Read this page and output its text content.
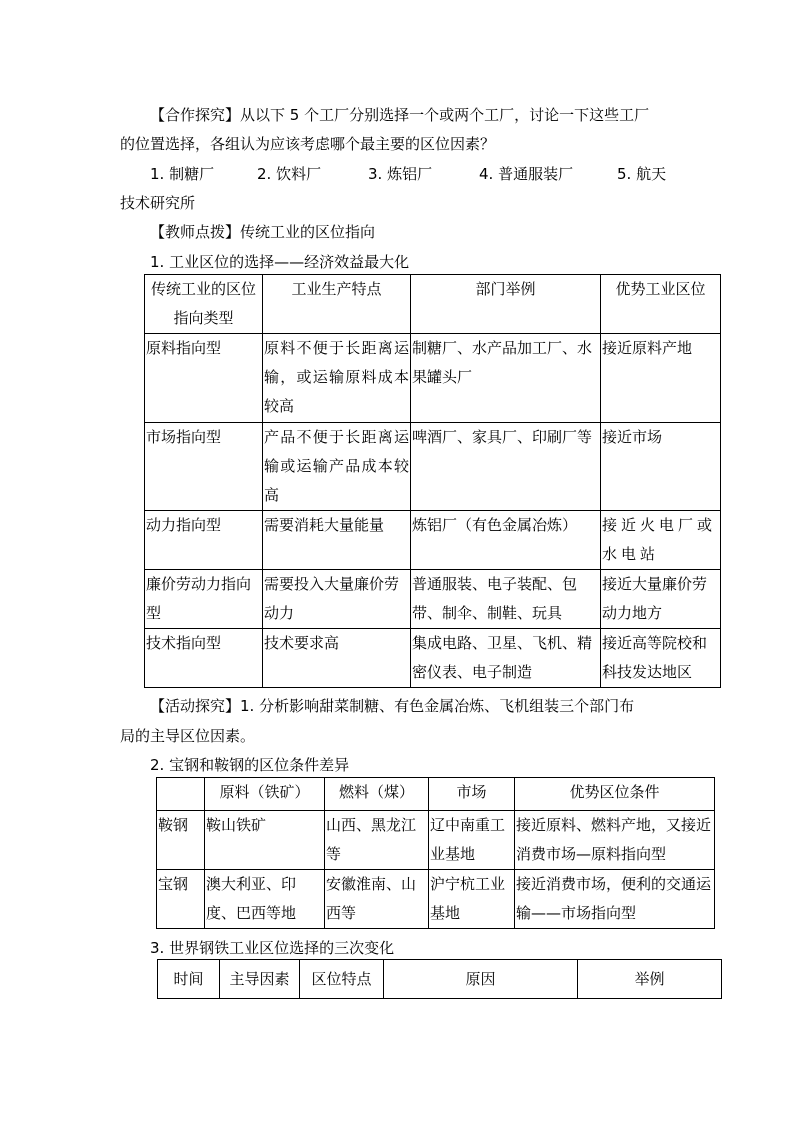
【合作探究】从以下 5 个工厂分别选择一个或两个工厂，讨论一下这些工厂

的位置选择，各组认为应该考虑哪个最主要的区位因素？

1. 制糖厂	2. 饮料厂	3. 炼铝厂	4. 普通服装厂	5. 航天

技术研究所

【教师点拨】传统工业的区位指向

1. 工业区位的选择——经济效益最大化

传统工业的区位指向类型	工业生产特点	部门举例	优势工业区位
原料指向型	原料不便于长距离运输，或运输原料成本较高	制糖厂、水产品加工厂、水果罐头厂	接近原料产地
市场指向型	产品不便于长距离运输或运输产品成本较高	啤酒厂、家具厂、印刷厂等	接近市场
动力指向型	需要消耗大量能量	炼铝厂（有色金属冶炼）	接近火电厂或水电站
廉价劳动力指向型	需要投入大量廉价劳动力	普通服装、电子装配、包带、制伞、制鞋、玩具	接近大量廉价劳动力地方
技术指向型	技术要求高	集成电路、卫星、飞机、精密仪表、电子制造	接近高等院校和科技发达地区

【活动探究】1. 分析影响甜菜制糖、有色金属冶炼、飞机组装三个部门布

局的主导区位因素。

2. 宝钢和鞍钢的区位条件差异

	原料（铁矿）	燃料（煤）	市场	优势区位条件
鞍钢	鞍山铁矿	山西、黑龙江等	辽中南重工业基地	接近原料、燃料产地，又接近消费市场—原料指向型
宝钢	澳大利亚、印度、巴西等地	安徽淮南、山西等	沪宁杭工业基地	接近消费市场，便利的交通运输——市场指向型

3. 世界钢铁工业区位选择的三次变化

时间	主导因素	区位特点	原因	举例
